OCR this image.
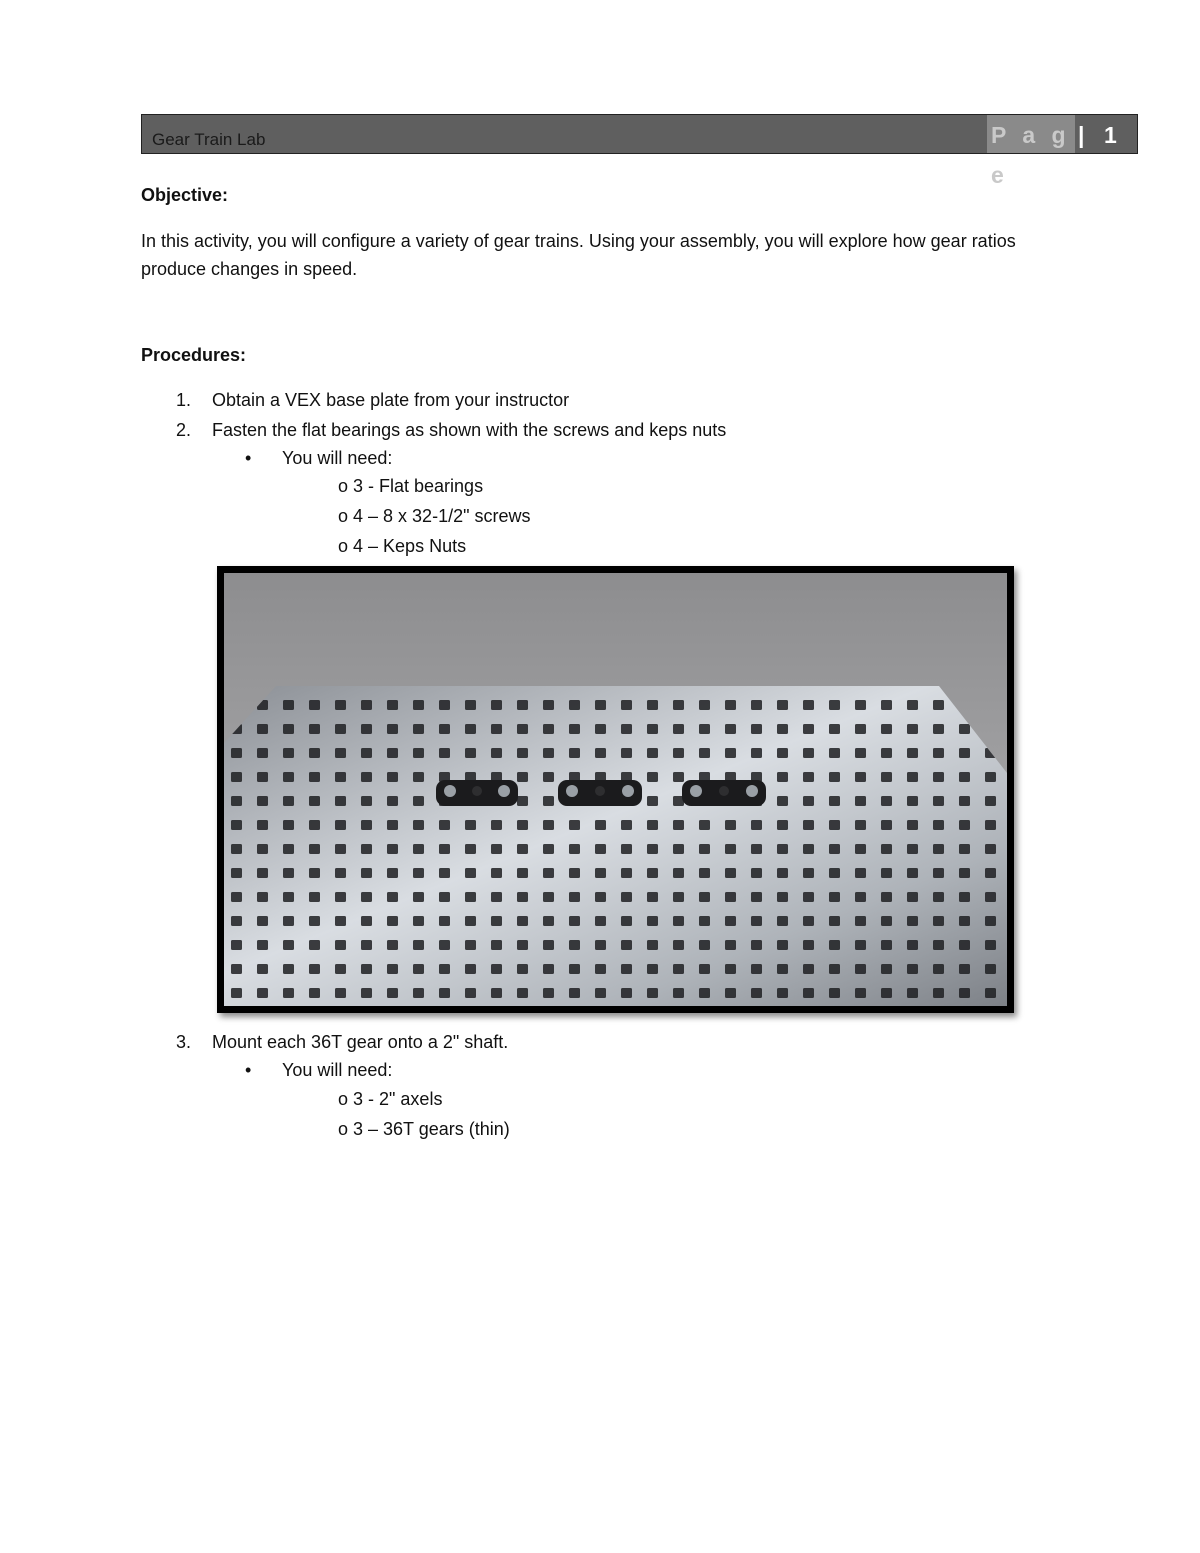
Gear Train Lab	P a g e
| 1
Objective:
In this activity, you will configure a variety of gear trains. Using your assembly, you will explore how gear ratios
produce changes in speed.
Procedures:
1. Obtain a VEX base plate from your instructor
2. Fasten the flat bearings as shown with the screws and keps nuts
• You will need:
o 3 - Flat bearings
o 4 – 8 x 32-1/2" screws
o 4 – Keps Nuts
3. Mount each 36T gear onto a 2" shaft.
• You will need:
o 3 - 2" axels
o 3 – 36T gears (thin)
